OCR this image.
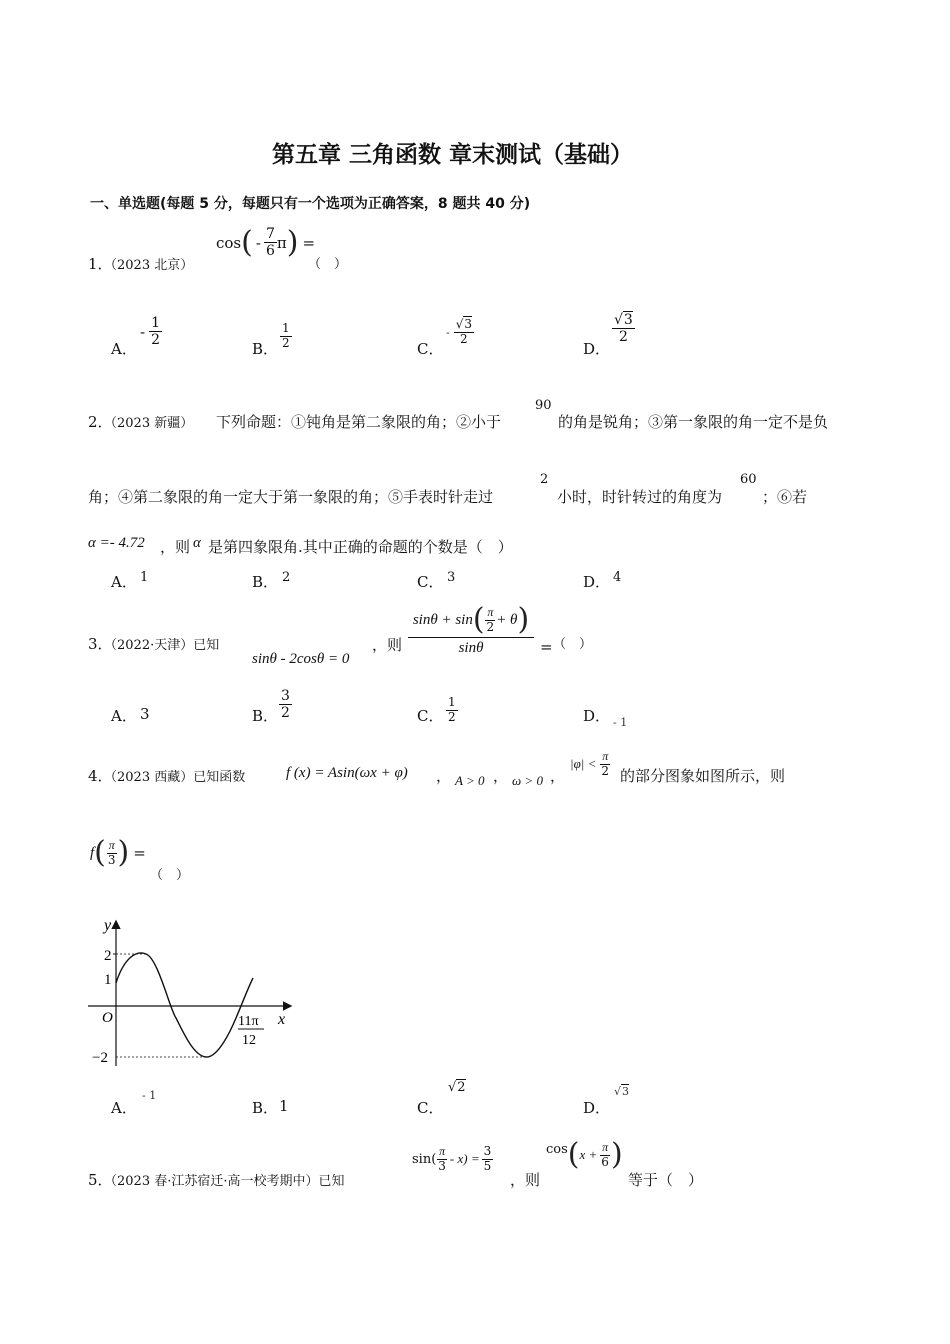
第五章 三角函数 章末测试（基础）
一、单选题(每题 5 分，每题只有一个选项为正确答案，8 题共 40 分)
1．
（2023 北京）
cos ( - $\frac{7}{6}$ π ) =
（　）
A．
- $\frac{1}{2}$
B． $\frac{1}{2}$	C．
- $\frac{√3}{2}$
D．
$\frac{√3}{2}$
2．
（2023 新疆） 下列命题：①钝角是第二象限的角；②小于
90
的角是锐角；③第一象限的角一定不是负
角；④第二象限的角一定大于第一象限的角；⑤手表时针走过
2
小时，时针转过的角度为
60
；⑥若
α =- 4.72 ，则 α 是第四象限角.其中正确的命题的个数是（　）
A． 1	B． 2	C． 3	D． 4
3．
（2022·天津）已知
sinθ - 2cosθ = 0
，则
sinθ + sin ( $\frac{\pi}{2} + \theta$ )
sinθ	= （　）
A． 3	B． $\frac{3}{2}$	C． $\frac{1}{2}$	D． - 1
4．
（2023 西藏）已知函数	f (x) = Asin(ωx + φ) ， A > 0 ， ω > 0 ，
$|\varphi| < \frac{\pi}{2}$ 的部分图象如图所示，则
f ( $\frac{\pi}{3}$ ) =
（　）
y
x
O
2
1
−2
11π
12
A．
- 1
B． 1	C．
√2
D．
√3
5．
（2023 春·江苏宿迁·高一校考期中）已知
$\sin( \frac{\pi}{3} - x) = \frac{3}{5}$
，则
cos ( $x + \frac{\pi}{6}$ )
等于（　）
